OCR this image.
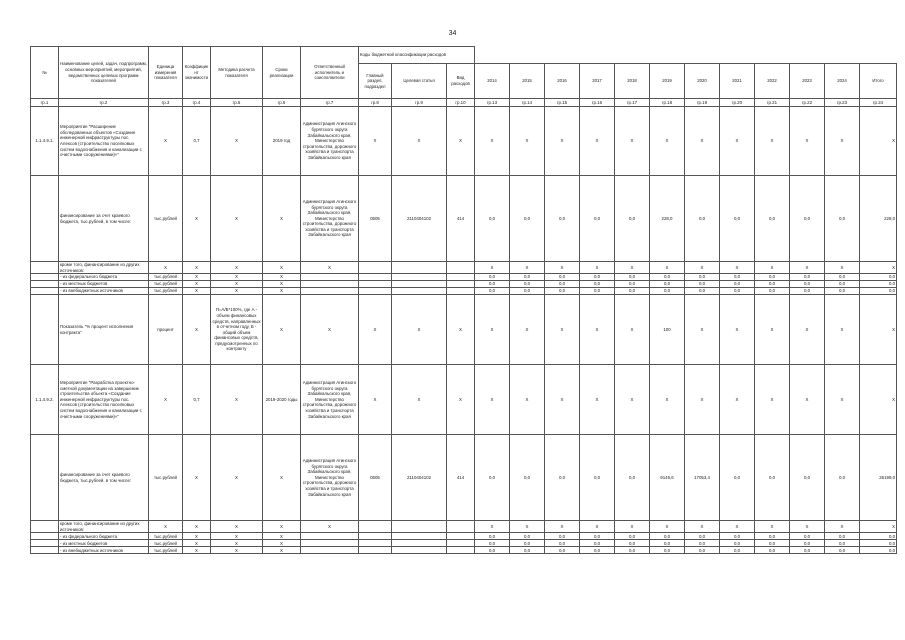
34
№	Наименование целей, задач, подпрограмм, основных мероприятий, мероприятий, ведомственных целевых программ показателей	Единица измерения показателя	Коэффициент значимости	Методика расчета показателя	Сроки реализации	Ответственный исполнитель и соисполнители	Коды бюджетной классификации расходов														
							Главный раздел, подраздел	Целевая статья	Вид расходов	2014	2015	2016	2017	2018	2019	2020	2021	2022	2023	2024	Итого
гр.1	гр.2	гр.3	гр.4	гр.5	гр.6	гр.7	гр.8	гр.9	гр.10	гр.13	гр.14	гр.15	гр.16	гр.17	гр.18	гр.19	гр.20	гр.21	гр.22	гр.23	гр.24
1.1.4.9.1.	Мероприятие "Расширение обследованных объектов «Создание инженерной инфраструктуры пос. Алексов (строительство поселковых систем водоснабжения и канализации с очистными сооружениями)»"	Х	0,7	Х	2019 год	Администрация Агинского бурятского округа Забайкальского края, Министерство строительства, дорожного хозяйства и транспорта Забайкальского края	Х	Х	Х	Х	Х	Х	Х	Х	Х	Х	Х	Х	Х	Х	Х
	финансирование за счет краевого бюджета, тыс.рублей, в том числе:	тыс.рублей	Х	Х	Х	Администрация Агинского бурятского округа Забайкальского края, Министерство строительства, дорожного хозяйства и транспорта Забайкальского края	0505	2110404102	414	0,0	0,0	0,0	0,0	0,0	228,0	0,0	0,0	0,0	0,0	0,0	228,0
	кроме того, финансирование из других источников:	Х	Х	Х	Х	Х				Х	Х	Х	Х	Х	Х	Х	Х	Х	Х	Х	Х
	- из федерального бюджета	тыс.рублей	Х	Х	Х					0,0	0,0	0,0	0,0	0,0	0,0	0,0	0,0	0,0	0,0	0,0	0,0
	- из местных бюджетов	тыс.рублей	Х	Х	Х					0,0	0,0	0,0	0,0	0,0	0,0	0,0	0,0	0,0	0,0	0,0	0,0
	- из внебюджетных источников	тыс.рублей	Х	Х	Х					0,0	0,0	0,0	0,0	0,0	0,0	0,0	0,0	0,0	0,0	0,0	0,0
	Показатель "% процент исполнения контракта"	процент	Х	П=А/Б*100%, где А - объем финансовых средств, направленных в отчетном году, Б - общий объем финансовых средств, предусмотренных по контракту	Х	Х	Х	Х	Х	Х	Х	Х	Х	Х	100	Х	Х	Х	Х	Х	Х
1.1.4.9.2.	Мероприятие "Разработка проектно-сметной документации на завершение строительства объекта «Создание инженерной инфраструктуры пос. Алексов (строительство поселковых систем водоснабжения и канализации с очистными сооружениями)»"	Х	0,7	Х	2019-2020 годы	Администрация Агинского бурятского округа Забайкальского края, Министерство строительства, дорожного хозяйства и транспорта Забайкальского края	Х	Х	Х	Х	Х	Х	Х	Х	Х	Х	Х	Х	Х	Х	Х
	финансирование за счет краевого бюджета, тыс.рублей, в том числе:	тыс.рублей	Х	Х	Х	Администрация Агинского бурятского округа Забайкальского края, Министерство строительства, дорожного хозяйства и транспорта Забайкальского края	0505	2110404102	414	0,0	0,0	0,0	0,0	0,0	9145,6	17053,4	0,0	0,0	0,0	0,0	26199,0
	кроме того, финансирование из других источников:	Х	Х	Х	Х	Х				Х	Х	Х	Х	Х	Х	Х	Х	Х	Х	Х	Х
	- из федерального бюджета	тыс.рублей	Х	Х	Х					0,0	0,0	0,0	0,0	0,0	0,0	0,0	0,0	0,0	0,0	0,0	0,0
	- из местных бюджетов	тыс.рублей	Х	Х	Х					0,0	0,0	0,0	0,0	0,0	0,0	0,0	0,0	0,0	0,0	0,0	0,0
	- из внебюджетных источников	тыс.рублей	Х	Х	Х					0,0	0,0	0,0	0,0	0,0	0,0	0,0	0,0	0,0	0,0	0,0	0,0
